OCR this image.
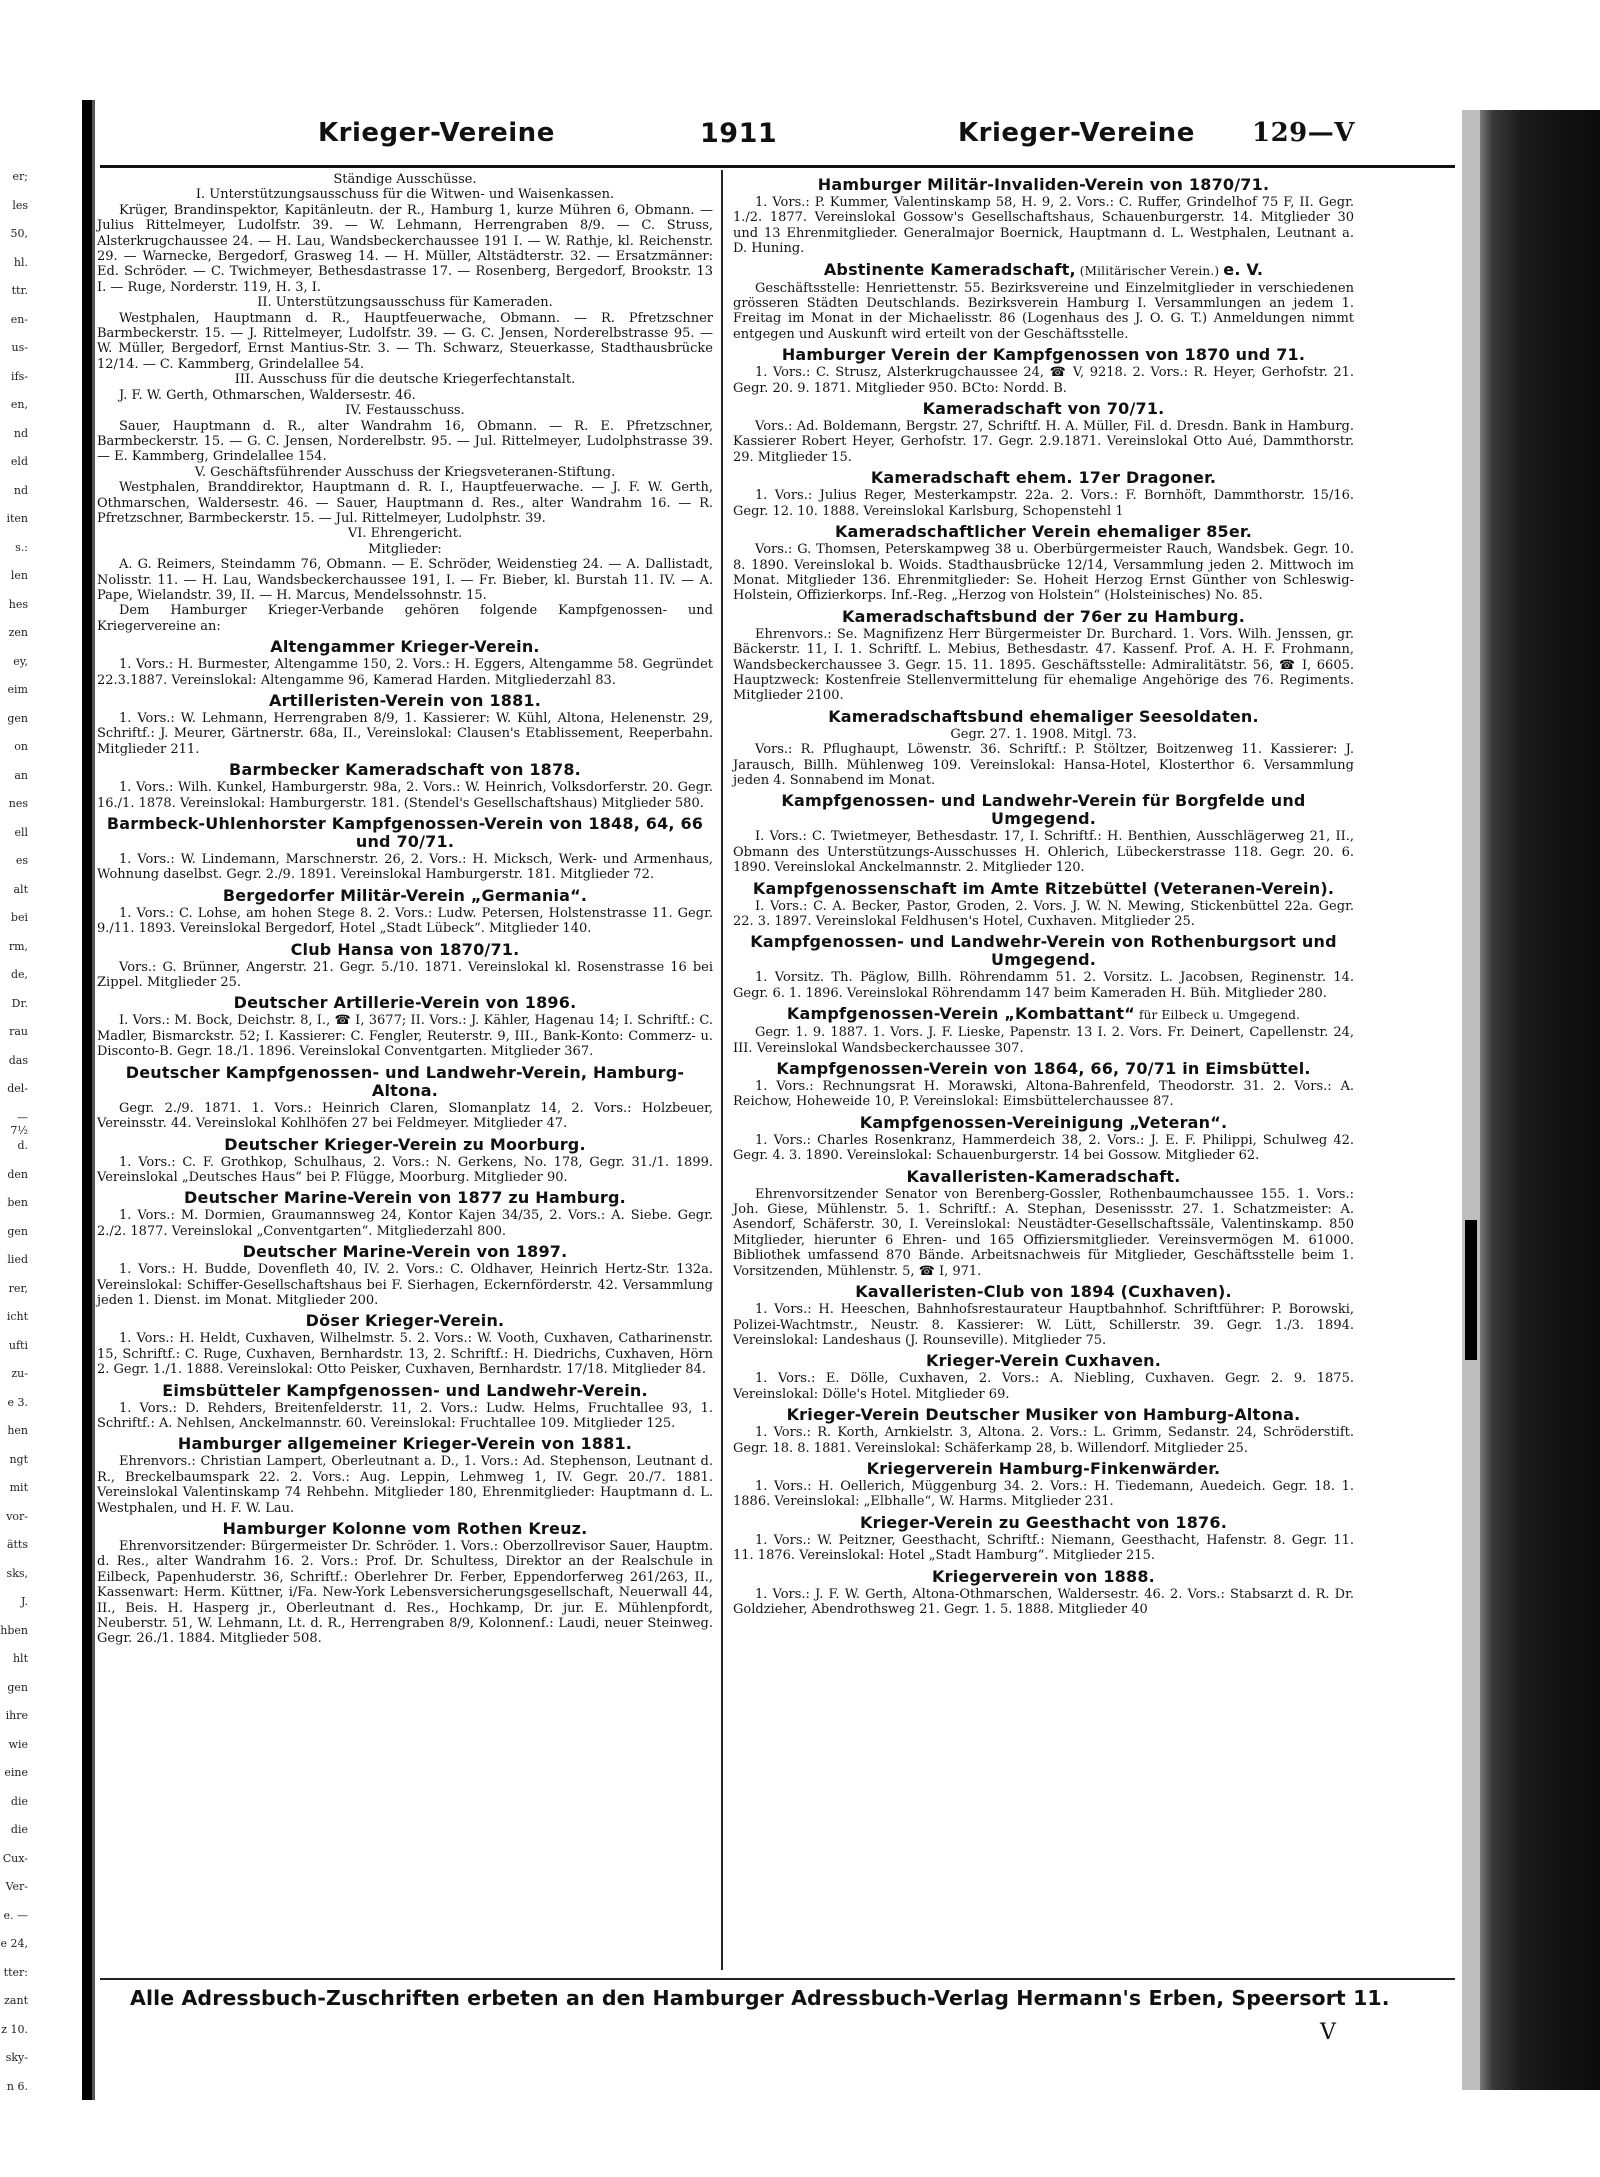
er;
les
50,
hl.
ttr.
en-
us-
ifs-
en,
nd
eld
nd
iten
s.:
len
hes
zen
ey,
eim
gen
on
an
nes
ell
es
alt
bei
rm,
de,
Dr.
rau
das
del-
—7½
d.
den
ben
gen
lied
rer,
icht
ufti
zu-
e 3.
hen
ngt
mit
vor-
ätts
sks,
J.
hben
hlt
gen
ihre
wie
eine
die
die
Cux-
Ver-
e. —
e 24,
tter:
zant
z 10.
sky-
n 6.
Krieger-Vereine	1911	Krieger-Vereine 129—V

Ständige Ausschüsse.

I. Unterstützungsausschuss für die Witwen- und Waisenkassen.

Krüger, Brandinspektor, Kapitänleutn. der R., Hamburg 1, kurze Mühren 6, Obmann. — Julius Rittelmeyer, Ludolfstr. 39. — W. Lehmann, Herrengraben 8/9. — C. Struss, Alsterkrugchaussee 24. — H. Lau, Wandsbeckerchaussee 191 I. — W. Rathje, kl. Reichenstr. 29. — Warnecke, Bergedorf, Grasweg 14. — H. Müller, Altstädterstr. 32. — Ersatzmänner: Ed. Schröder. — C. Twichmeyer, Bethesdastrasse 17. — Rosenberg, Bergedorf, Brookstr. 13 I. — Ruge, Norderstr. 119, H. 3, I.

II. Unterstützungsausschuss für Kameraden.

Westphalen, Hauptmann d. R., Hauptfeuerwache, Obmann. — R. Pfretzschner Barmbeckerstr. 15. — J. Rittelmeyer, Ludolfstr. 39. — G. C. Jensen, Norderelbstrasse 95. — W. Müller, Bergedorf, Ernst Mantius-Str. 3. — Th. Schwarz, Steuerkasse, Stadthausbrücke 12/14. — C. Kammberg, Grindelallee 54.

III. Ausschuss für die deutsche Kriegerfechtanstalt.

J. F. W. Gerth, Othmarschen, Waldersestr. 46.

IV. Festausschuss.

Sauer, Hauptmann d. R., alter Wandrahm 16, Obmann. — R. E. Pfretzschner, Barmbeckerstr. 15. — G. C. Jensen, Norderelbstr. 95. — Jul. Rittelmeyer, Ludolphstrasse 39. — E. Kammberg, Grindelallee 154.

V. Geschäftsführender Ausschuss der Kriegsveteranen-Stiftung.

Westphalen, Branddirektor, Hauptmann d. R. I., Hauptfeuerwache. — J. F. W. Gerth, Othmarschen, Waldersestr. 46. — Sauer, Hauptmann d. Res., alter Wandrahm 16. — R. Pfretzschner, Barmbeckerstr. 15. — Jul. Rittelmeyer, Ludolphstr. 39.

VI. Ehrengericht.

Mitglieder:

A. G. Reimers, Steindamm 76, Obmann. — E. Schröder, Weidenstieg 24. — A. Dallistadt, Nolisstr. 11. — H. Lau, Wandsbeckerchaussee 191, I. — Fr. Bieber, kl. Burstah 11. IV. — A. Pape, Wielandstr. 39, II. — H. Marcus, Mendelssohnstr. 15.

Dem Hamburger Krieger-Verbande gehören folgende Kampfgenossen- und Kriegervereine an:

Altengammer Krieger-Verein.

1. Vors.: H. Burmester, Altengamme 150, 2. Vors.: H. Eggers, Altengamme 58. Gegründet 22.3.1887. Vereinslokal: Altengamme 96, Kamerad Harden. Mitgliederzahl 83.

Artilleristen-Verein von 1881.

1. Vors.: W. Lehmann, Herrengraben 8/9, 1. Kassierer: W. Kühl, Altona, Helenenstr. 29, Schriftf.: J. Meurer, Gärtnerstr. 68a, II., Vereinslokal: Clausen's Etablissement, Reeperbahn. Mitglieder 211.

Barmbecker Kameradschaft von 1878.

1. Vors.: Wilh. Kunkel, Hamburgerstr. 98a, 2. Vors.: W. Heinrich, Volksdorferstr. 20. Gegr. 16./1. 1878. Vereinslokal: Hamburgerstr. 181. (Stendel's Gesellschaftshaus) Mitglieder 580.

Barmbeck-Uhlenhorster Kampfgenossen-Verein von 1848, 64, 66 und 70/71.

1. Vors.: W. Lindemann, Marschnerstr. 26, 2. Vors.: H. Micksch, Werk- und Armenhaus, Wohnung daselbst. Gegr. 2./9. 1891. Vereinslokal Hamburgerstr. 181. Mitglieder 72.

Bergedorfer Militär-Verein „Germania“.

1. Vors.: C. Lohse, am hohen Stege 8. 2. Vors.: Ludw. Petersen, Holstenstrasse 11. Gegr. 9./11. 1893. Vereinslokal Bergedorf, Hotel „Stadt Lübeck“. Mitglieder 140.

Club Hansa von 1870/71.

Vors.: G. Brünner, Angerstr. 21. Gegr. 5./10. 1871. Vereinslokal kl. Rosenstrasse 16 bei Zippel. Mitglieder 25.

Deutscher Artillerie-Verein von 1896.

I. Vors.: M. Bock, Deichstr. 8, I., ☎ I, 3677; II. Vors.: J. Kähler, Hagenau 14; I. Schriftf.: C. Madler, Bismarckstr. 52; I. Kassierer: C. Fengler, Reuterstr. 9, III., Bank-Konto: Commerz- u. Disconto-B. Gegr. 18./1. 1896. Vereinslokal Conventgarten. Mitglieder 367.

Deutscher Kampfgenossen- und Landwehr-Verein, Hamburg-Altona.

Gegr. 2./9. 1871. 1. Vors.: Heinrich Claren, Slomanplatz 14, 2. Vors.: Holzbeuer, Vereinsstr. 44. Vereinslokal Kohlhöfen 27 bei Feldmeyer. Mitglieder 47.

Deutscher Krieger-Verein zu Moorburg.

1. Vors.: C. F. Grothkop, Schulhaus, 2. Vors.: N. Gerkens, No. 178, Gegr. 31./1. 1899. Vereinslokal „Deutsches Haus“ bei P. Flügge, Moorburg. Mitglieder 90.

Deutscher Marine-Verein von 1877 zu Hamburg.

1. Vors.: M. Dormien, Graumannsweg 24, Kontor Kajen 34/35, 2. Vors.: A. Siebe. Gegr. 2./2. 1877. Vereinslokal „Conventgarten“. Mitgliederzahl 800.

Deutscher Marine-Verein von 1897.

1. Vors.: H. Budde, Dovenfleth 40, IV. 2. Vors.: C. Oldhaver, Heinrich Hertz-Str. 132a. Vereinslokal: Schiffer-Gesellschaftshaus bei F. Sierhagen, Eckernförderstr. 42. Versammlung jeden 1. Dienst. im Monat. Mitglieder 200.

Döser Krieger-Verein.

1. Vors.: H. Heldt, Cuxhaven, Wilhelmstr. 5. 2. Vors.: W. Vooth, Cuxhaven, Catharinenstr. 15, Schriftf.: C. Ruge, Cuxhaven, Bernhardstr. 13, 2. Schriftf.: H. Diedrichs, Cuxhaven, Hörn 2. Gegr. 1./1. 1888. Vereinslokal: Otto Peisker, Cuxhaven, Bernhardstr. 17/18. Mitglieder 84.

Eimsbütteler Kampfgenossen- und Landwehr-Verein.

1. Vors.: D. Rehders, Breitenfelderstr. 11, 2. Vors.: Ludw. Helms, Fruchtallee 93, 1. Schriftf.: A. Nehlsen, Anckelmannstr. 60. Vereinslokal: Fruchtallee 109. Mitglieder 125.

Hamburger allgemeiner Krieger-Verein von 1881.

Ehrenvors.: Christian Lampert, Oberleutnant a. D., 1. Vors.: Ad. Stephenson, Leutnant d. R., Breckelbaumspark 22. 2. Vors.: Aug. Leppin, Lehmweg 1, IV. Gegr. 20./7. 1881. Vereinslokal Valentinskamp 74 Rehbehn. Mitglieder 180, Ehrenmitglieder: Hauptmann d. L. Westphalen, und H. F. W. Lau.

Hamburger Kolonne vom Rothen Kreuz.

Ehrenvorsitzender: Bürgermeister Dr. Schröder. 1. Vors.: Oberzollrevisor Sauer, Hauptm. d. Res., alter Wandrahm 16. 2. Vors.: Prof. Dr. Schultess, Direktor an der Realschule in Eilbeck, Papenhuderstr. 36, Schriftf.: Oberlehrer Dr. Ferber, Eppendorferweg 261/263, II., Kassenwart: Herm. Küttner, i/Fa. New-York Lebensversicherungsgesellschaft, Neuerwall 44, II., Beis. H. Hasperg jr., Oberleutnant d. Res., Hochkamp, Dr. jur. E. Mühlenpfordt, Neuberstr. 51, W. Lehmann, Lt. d. R., Herrengraben 8/9, Kolonnenf.: Laudi, neuer Steinweg. Gegr. 26./1. 1884. Mitglieder 508.

Hamburger Militär-Invaliden-Verein von 1870/71.

1. Vors.: P. Kummer, Valentinskamp 58, H. 9, 2. Vors.: C. Ruffer, Grindelhof 75 F, II. Gegr. 1./2. 1877. Vereinslokal Gossow's Gesellschaftshaus, Schauenburgerstr. 14. Mitglieder 30 und 13 Ehrenmitglieder. Generalmajor Boernick, Hauptmann d. L. Westphalen, Leutnant a. D. Huning.

Abstinente Kameradschaft, (Militärischer Verein.) e. V.

Geschäftsstelle: Henriettenstr. 55. Bezirksvereine und Einzelmitglieder in verschiedenen grösseren Städten Deutschlands. Bezirksverein Hamburg I. Versammlungen an jedem 1. Freitag im Monat in der Michaelisstr. 86 (Logenhaus des J. O. G. T.) Anmeldungen nimmt entgegen und Auskunft wird erteilt von der Geschäftsstelle.

Hamburger Verein der Kampfgenossen von 1870 und 71.

1. Vors.: C. Strusz, Alsterkrugchaussee 24, ☎ V, 9218. 2. Vors.: R. Heyer, Gerhofstr. 21. Gegr. 20. 9. 1871. Mitglieder 950. BCto: Nordd. B.

Kameradschaft von 70/71.

Vors.: Ad. Boldemann, Bergstr. 27, Schriftf. H. A. Müller, Fil. d. Dresdn. Bank in Hamburg. Kassierer Robert Heyer, Gerhofstr. 17. Gegr. 2.9.1871. Vereinslokal Otto Aué, Dammthorstr. 29. Mitglieder 15.

Kameradschaft ehem. 17er Dragoner.

1. Vors.: Julius Reger, Mesterkampstr. 22a. 2. Vors.: F. Bornhöft, Dammthorstr. 15/16. Gegr. 12. 10. 1888. Vereinslokal Karlsburg, Schopenstehl 1

Kameradschaftlicher Verein ehemaliger 85er.

Vors.: G. Thomsen, Peterskampweg 38 u. Oberbürgermeister Rauch, Wandsbek. Gegr. 10. 8. 1890. Vereinslokal b. Woids. Stadthausbrücke 12/14, Versammlung jeden 2. Mittwoch im Monat. Mitglieder 136. Ehrenmitglieder: Se. Hoheit Herzog Ernst Günther von Schleswig-Holstein, Offizierkorps. Inf.-Reg. „Herzog von Holstein“ (Holsteinisches) No. 85.

Kameradschaftsbund der 76er zu Hamburg.

Ehrenvors.: Se. Magnifizenz Herr Bürgermeister Dr. Burchard. 1. Vors. Wilh. Jenssen, gr. Bäckerstr. 11, I. 1. Schriftf. L. Mebius, Bethesdastr. 47. Kassenf. Prof. A. H. F. Frohmann, Wandsbeckerchaussee 3. Gegr. 15. 11. 1895. Geschäftsstelle: Admiralitätstr. 56, ☎ I, 6605. Hauptzweck: Kostenfreie Stellenvermittelung für ehemalige Angehörige des 76. Regiments. Mitglieder 2100.

Kameradschaftsbund ehemaliger Seesoldaten.

Gegr. 27. 1. 1908. Mitgl. 73.

Vors.: R. Pflughaupt, Löwenstr. 36. Schriftf.: P. Stöltzer, Boitzenweg 11. Kassierer: J. Jarausch, Billh. Mühlenweg 109. Vereinslokal: Hansa-Hotel, Klosterthor 6. Versammlung jeden 4. Sonnabend im Monat.

Kampfgenossen- und Landwehr-Verein für Borgfelde und Umgegend.

I. Vors.: C. Twietmeyer, Bethesdastr. 17, I. Schriftf.: H. Benthien, Ausschlägerweg 21, II., Obmann des Unterstützungs-Ausschusses H. Ohlerich, Lübeckerstrasse 118. Gegr. 20. 6. 1890. Vereinslokal Anckelmannstr. 2. Mitglieder 120.

Kampfgenossenschaft im Amte Ritzebüttel (Veteranen-Verein).

I. Vors.: C. A. Becker, Pastor, Groden, 2. Vors. J. W. N. Mewing, Stickenbüttel 22a. Gegr. 22. 3. 1897. Vereinslokal Feldhusen's Hotel, Cuxhaven. Mitglieder 25.

Kampfgenossen- und Landwehr-Verein von Rothenburgsort und Umgegend.

1. Vorsitz. Th. Päglow, Billh. Röhrendamm 51. 2. Vorsitz. L. Jacobsen, Reginenstr. 14. Gegr. 6. 1. 1896. Vereinslokal Röhrendamm 147 beim Kameraden H. Büh. Mitglieder 280.

Kampfgenossen-Verein „Kombattant“ für Eilbeck u. Umgegend.

Gegr. 1. 9. 1887. 1. Vors. J. F. Lieske, Papenstr. 13 I. 2. Vors. Fr. Deinert, Capellenstr. 24, III. Vereinslokal Wandsbeckerchaussee 307.

Kampfgenossen-Verein von 1864, 66, 70/71 in Eimsbüttel.

1. Vors.: Rechnungsrat H. Morawski, Altona-Bahrenfeld, Theodorstr. 31. 2. Vors.: A. Reichow, Hoheweide 10, P. Vereinslokal: Eimsbüttelerchaussee 87.

Kampfgenossen-Vereinigung „Veteran“.

1. Vors.: Charles Rosenkranz, Hammerdeich 38, 2. Vors.: J. E. F. Philippi, Schulweg 42. Gegr. 4. 3. 1890. Vereinslokal: Schauenburgerstr. 14 bei Gossow. Mitglieder 62.

Kavalleristen-Kameradschaft.

Ehrenvorsitzender Senator von Berenberg-Gossler, Rothenbaumchaussee 155. 1. Vors.: Joh. Giese, Mühlenstr. 5. 1. Schriftf.: A. Stephan, Desenissstr. 27. 1. Schatzmeister: A. Asendorf, Schäferstr. 30, I. Vereinslokal: Neustädter-Gesellschaftssäle, Valentinskamp. 850 Mitglieder, hierunter 6 Ehren- und 165 Offiziersmitglieder. Vereinsvermögen M. 61000. Bibliothek umfassend 870 Bände. Arbeitsnachweis für Mitglieder, Geschäftsstelle beim 1. Vorsitzenden, Mühlenstr. 5, ☎ I, 971.

Kavalleristen-Club von 1894 (Cuxhaven).

1. Vors.: H. Heeschen, Bahnhofsrestaurateur Hauptbahnhof. Schriftführer: P. Borowski, Polizei-Wachtmstr., Neustr. 8. Kassierer: W. Lütt, Schillerstr. 39. Gegr. 1./3. 1894. Vereinslokal: Landeshaus (J. Rounseville). Mitglieder 75.

Krieger-Verein Cuxhaven.

1. Vors.: E. Dölle, Cuxhaven, 2. Vors.: A. Niebling, Cuxhaven. Gegr. 2. 9. 1875. Vereinslokal: Dölle's Hotel. Mitglieder 69.

Krieger-Verein Deutscher Musiker von Hamburg-Altona.

1. Vors.: R. Korth, Arnkielstr. 3, Altona. 2. Vors.: L. Grimm, Sedanstr. 24, Schröderstift. Gegr. 18. 8. 1881. Vereinslokal: Schäferkamp 28, b. Willendorf. Mitglieder 25.

Kriegerverein Hamburg-Finkenwärder.

1. Vors.: H. Oellerich, Müggenburg 34. 2. Vors.: H. Tiedemann, Auedeich. Gegr. 18. 1. 1886. Vereinslokal: „Elbhalle“, W. Harms. Mitglieder 231.

Krieger-Verein zu Geesthacht von 1876.

1. Vors.: W. Peitzner, Geesthacht, Schriftf.: Niemann, Geesthacht, Hafenstr. 8. Gegr. 11. 11. 1876. Vereinslokal: Hotel „Stadt Hamburg“. Mitglieder 215.

Kriegerverein von 1888.

1. Vors.: J. F. W. Gerth, Altona-Othmarschen, Waldersestr. 46. 2. Vors.: Stabsarzt d. R. Dr. Goldzieher, Abendrothsweg 21. Gegr. 1. 5. 1888. Mitglieder 40

Alle Adressbuch-Zuschriften erbeten an den Hamburger Adressbuch-Verlag Hermann's Erben, Speersort 11.
V
